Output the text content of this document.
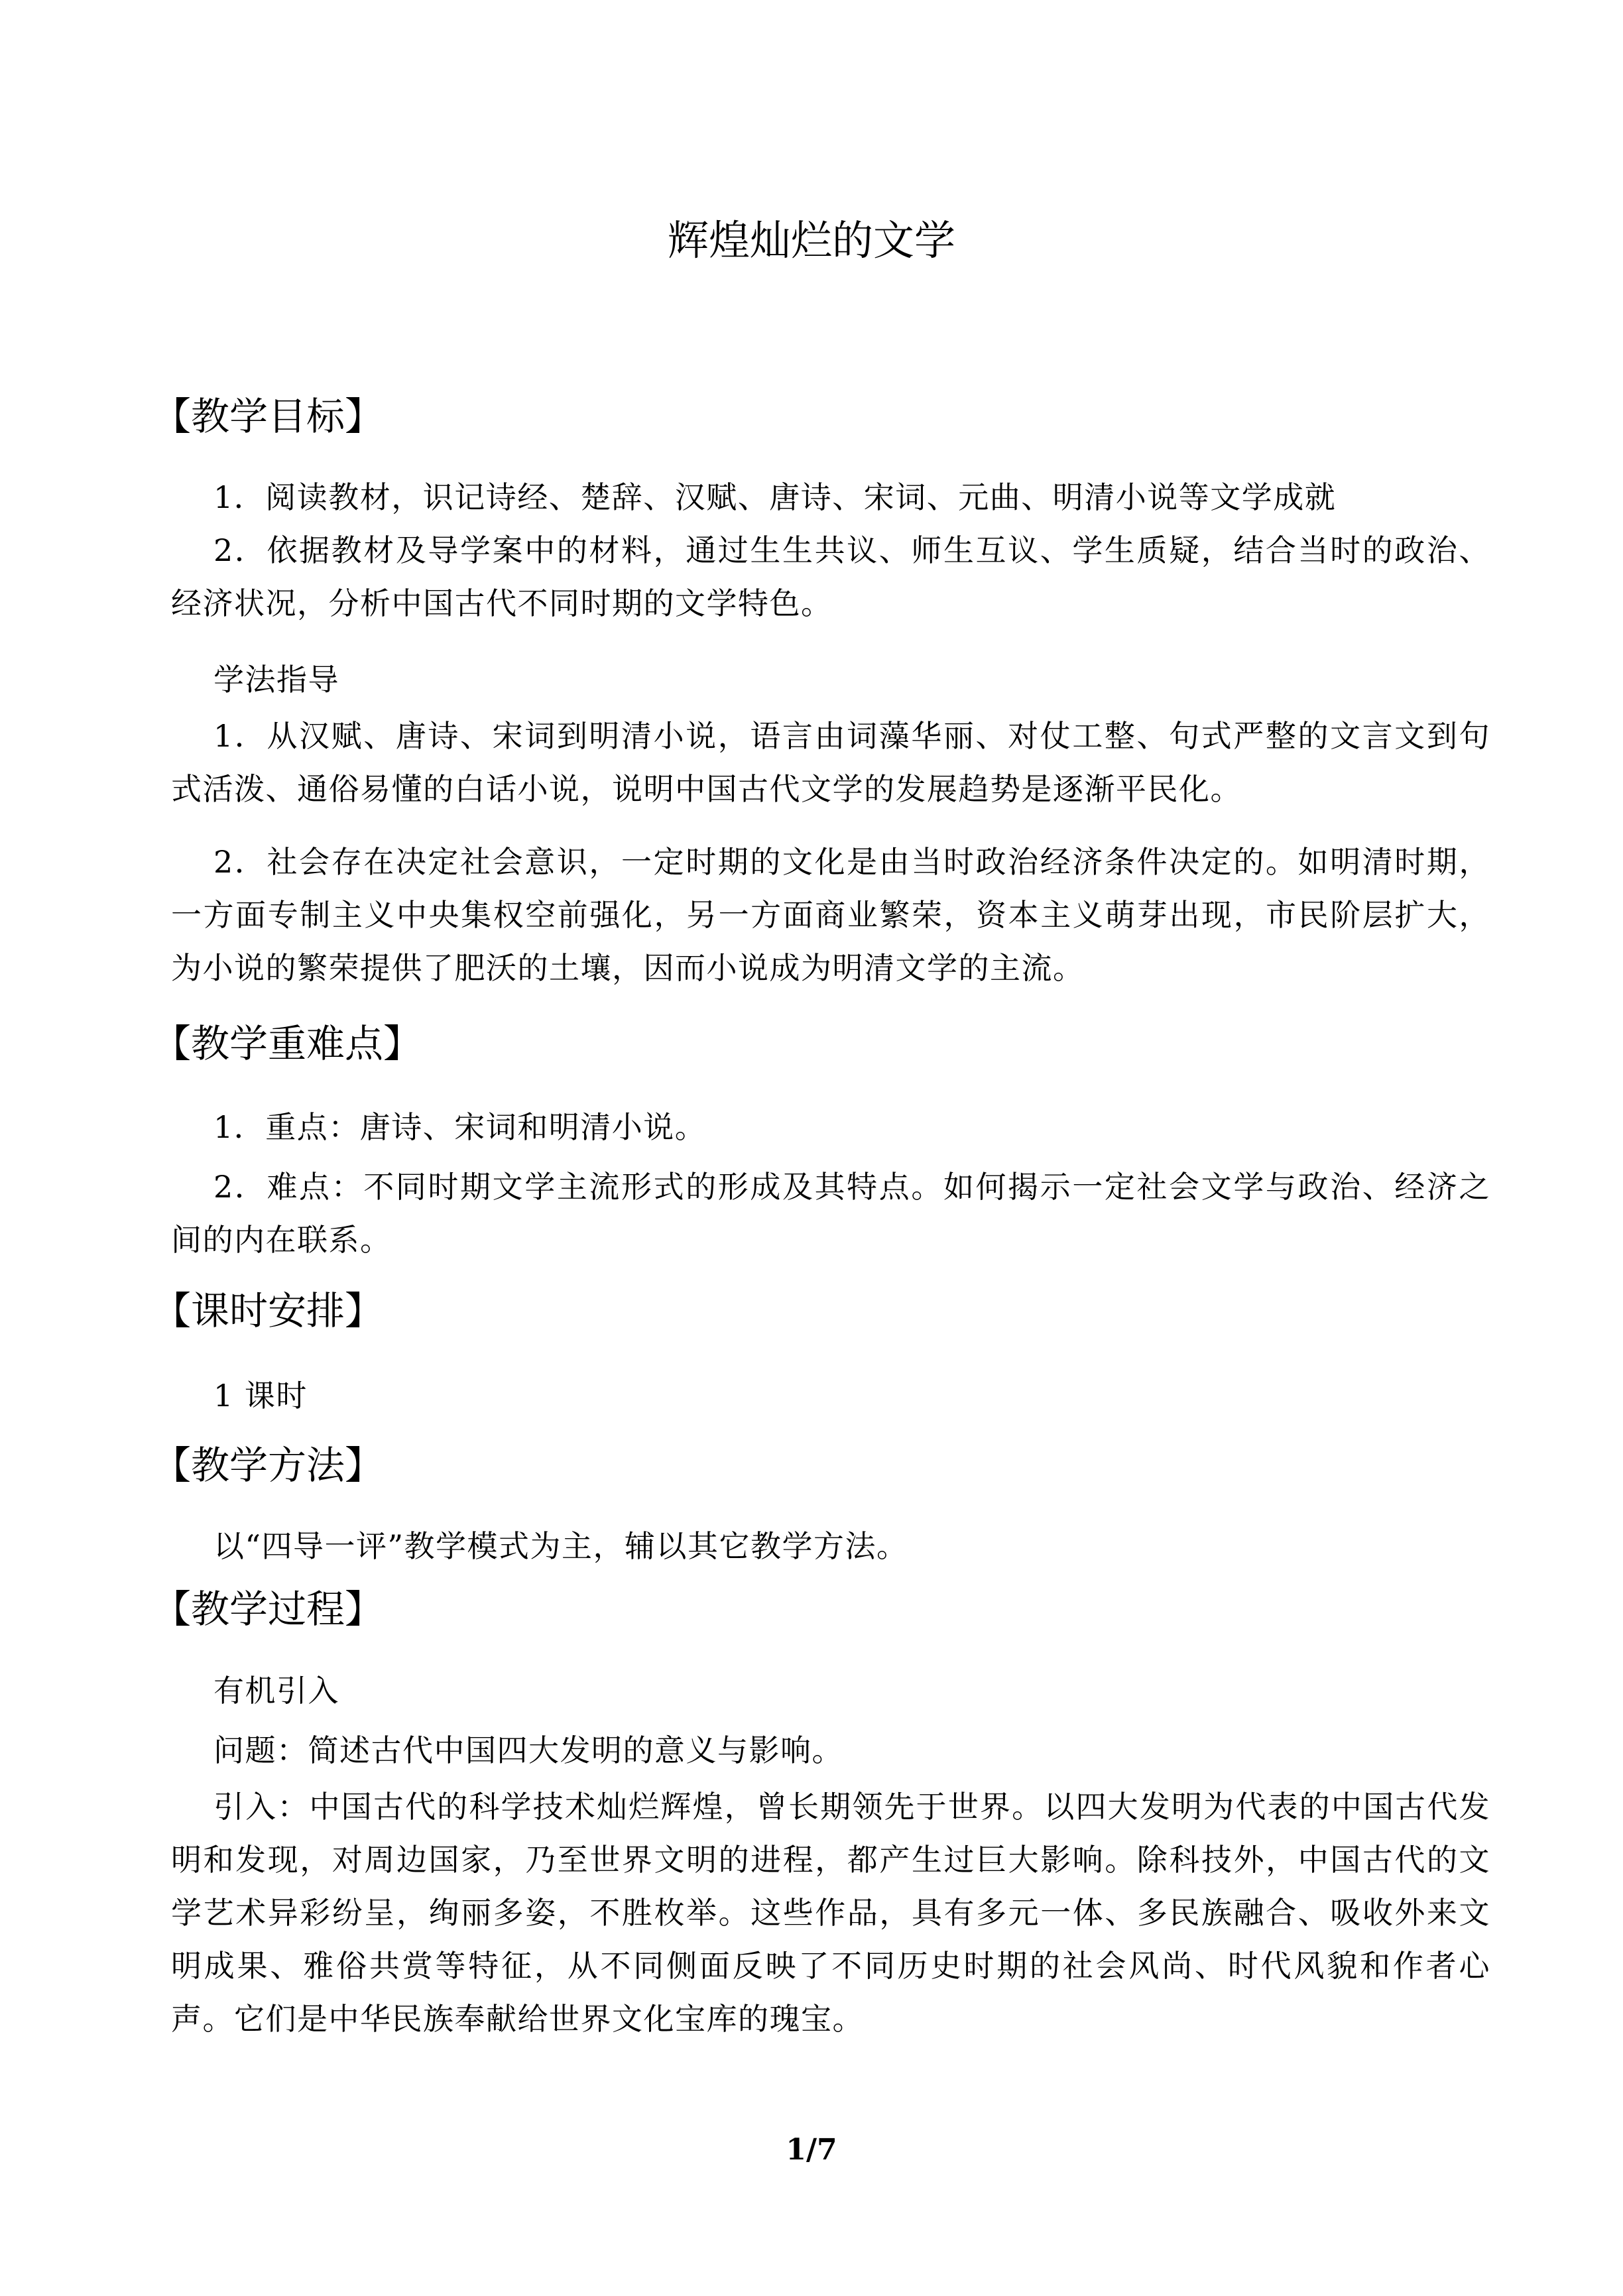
辉煌灿烂的文学
【教学目标】
1．阅读教材，识记诗经、楚辞、汉赋、唐诗、宋词、元曲、明清小说等文学成就
2．依据教材及导学案中的材料，通过生生共议、师生互议、学生质疑，结合当时的政治、经济状况，分析中国古代不同时期的文学特色。
学法指导
1．从汉赋、唐诗、宋词到明清小说，语言由词藻华丽、对仗工整、句式严整的文言文到句式活泼、通俗易懂的白话小说，说明中国古代文学的发展趋势是逐渐平民化。
2．社会存在决定社会意识，一定时期的文化是由当时政治经济条件决定的。如明清时期，一方面专制主义中央集权空前强化，另一方面商业繁荣，资本主义萌芽出现，市民阶层扩大，为小说的繁荣提供了肥沃的土壤，因而小说成为明清文学的主流。
【教学重难点】
1．重点：唐诗、宋词和明清小说。
2．难点：不同时期文学主流形式的形成及其特点。如何揭示一定社会文学与政治、经济之间的内在联系。
【课时安排】
1 课时
【教学方法】
以“四导一评”教学模式为主，辅以其它教学方法。
【教学过程】
有机引入
问题：简述古代中国四大发明的意义与影响。
引入：中国古代的科学技术灿烂辉煌，曾长期领先于世界。以四大发明为代表的中国古代发明和发现，对周边国家，乃至世界文明的进程，都产生过巨大影响。除科技外，中国古代的文学艺术异彩纷呈，绚丽多姿，不胜枚举。这些作品，具有多元一体、多民族融合、吸收外来文明成果、雅俗共赏等特征，从不同侧面反映了不同历史时期的社会风尚、时代风貌和作者心声。它们是中华民族奉献给世界文化宝库的瑰宝。
1/7
